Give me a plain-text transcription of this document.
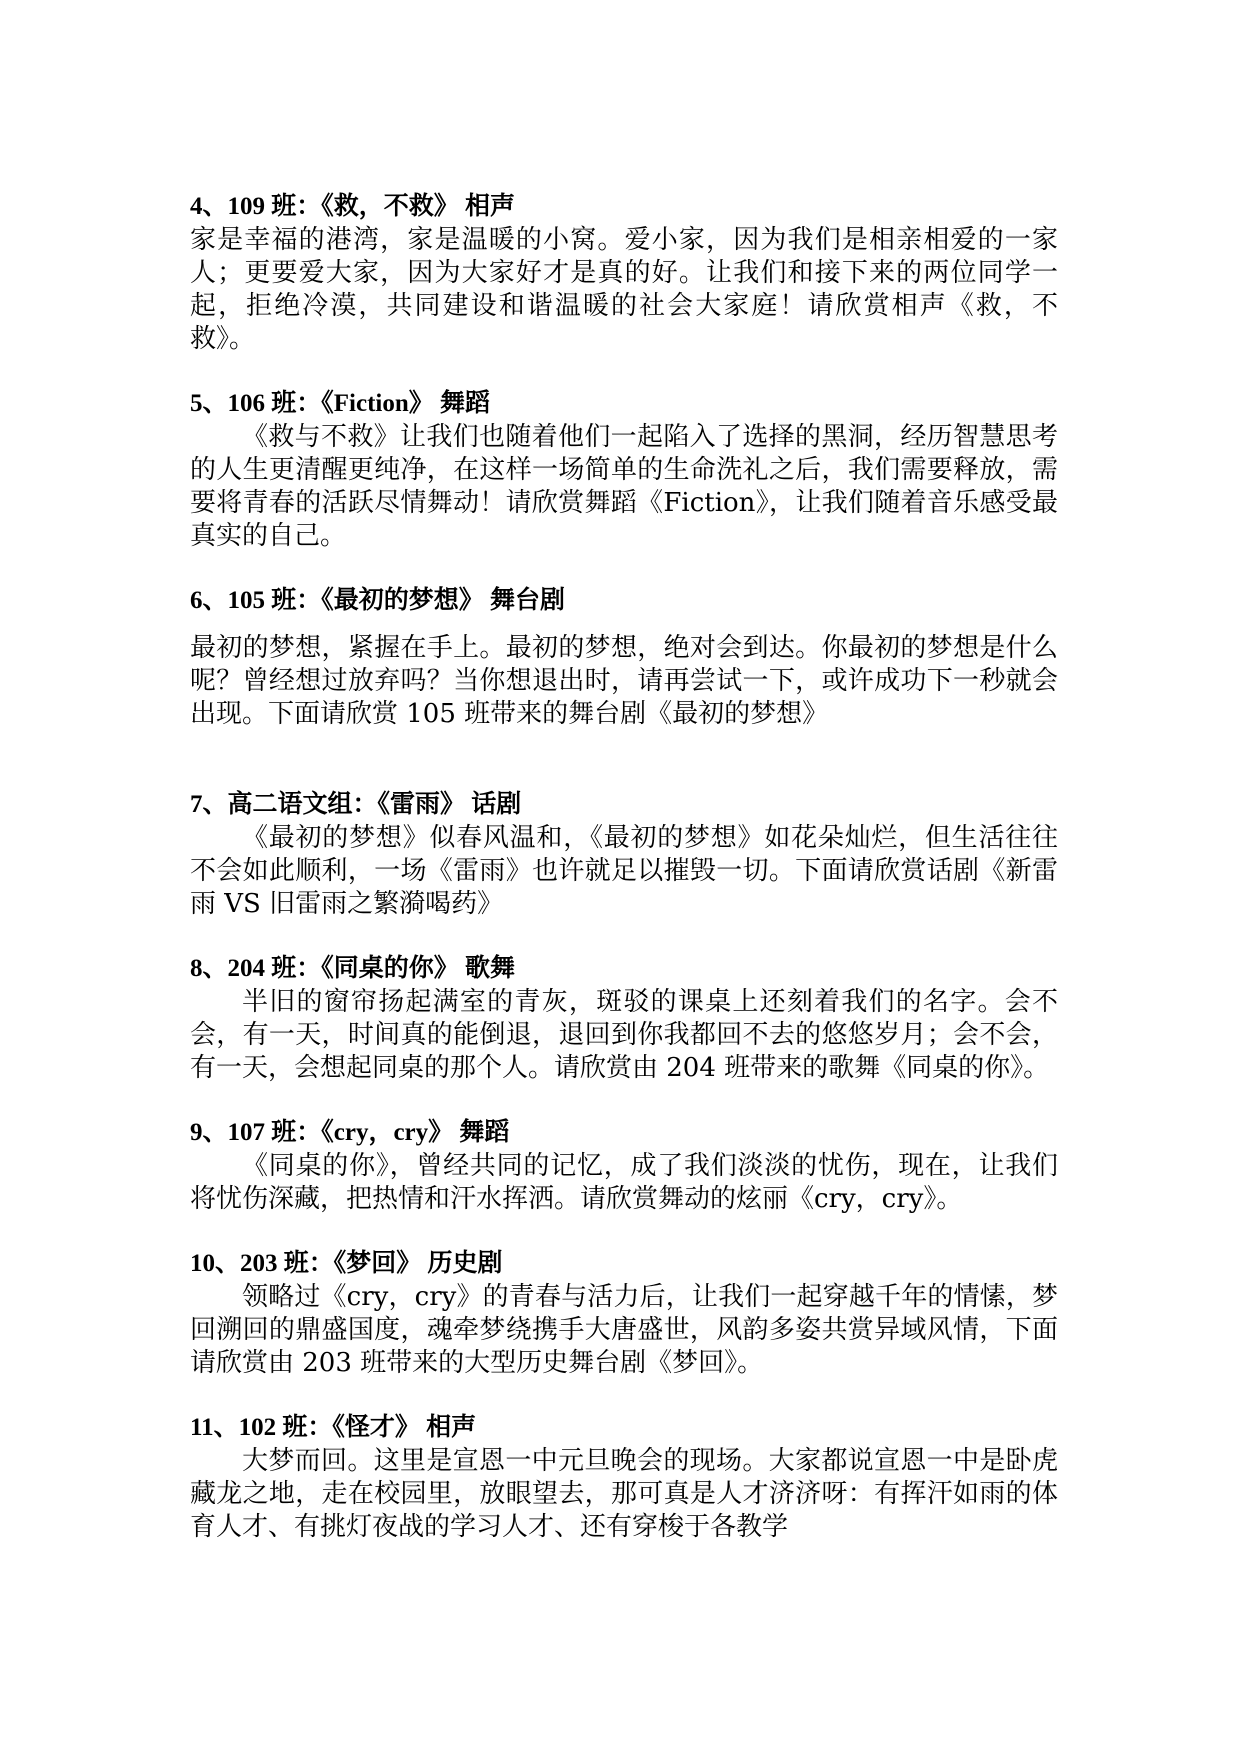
4、109 班：《救，不救》 相声

家是幸福的港湾，家是温暖的小窝。爱小家，因为我们是相亲相爱的一家人；更要爱大家，因为大家好才是真的好。让我们和接下来的两位同学一起，拒绝冷漠，共同建设和谐温暖的社会大家庭！请欣赏相声《救，不救》。

5、106 班：《Fiction》 舞蹈

《救与不救》让我们也随着他们一起陷入了选择的黑洞，经历智慧思考的人生更清醒更纯净，在这样一场简单的生命洗礼之后，我们需要释放，需要将青春的活跃尽情舞动！请欣赏舞蹈《Fiction》，让我们随着音乐感受最真实的自己。

6、105 班：《最初的梦想》 舞台剧

最初的梦想，紧握在手上。最初的梦想，绝对会到达。你最初的梦想是什么呢？曾经想过放弃吗？当你想退出时，请再尝试一下，或许成功下一秒就会出现。下面请欣赏 105 班带来的舞台剧《最初的梦想》

7、高二语文组：《雷雨》 话剧

《最初的梦想》似春风温和，《最初的梦想》如花朵灿烂，但生活往往不会如此顺利，一场《雷雨》也许就足以摧毁一切。下面请欣赏话剧《新雷雨 VS 旧雷雨之繁漪喝药》

8、204 班：《同桌的你》 歌舞

半旧的窗帘扬起满室的青灰，斑驳的课桌上还刻着我们的名字。会不会，有一天，时间真的能倒退，退回到你我都回不去的悠悠岁月；会不会，有一天，会想起同桌的那个人。请欣赏由 204 班带来的歌舞《同桌的你》。

9、107 班：《cry，cry》 舞蹈

《同桌的你》，曾经共同的记忆，成了我们淡淡的忧伤，现在，让我们将忧伤深藏，把热情和汗水挥洒。请欣赏舞动的炫丽《cry，cry》。

10、203 班：《梦回》 历史剧

领略过《cry，cry》的青春与活力后，让我们一起穿越千年的情愫，梦回溯回的鼎盛国度，魂牵梦绕携手大唐盛世，风韵多姿共赏异域风情，下面请欣赏由 203 班带来的大型历史舞台剧《梦回》。

11、102 班：《怪才》 相声

大梦而回。这里是宣恩一中元旦晚会的现场。大家都说宣恩一中是卧虎藏龙之地，走在校园里，放眼望去，那可真是人才济济呀：有挥汗如雨的体育人才、有挑灯夜战的学习人才、还有穿梭于各教学
